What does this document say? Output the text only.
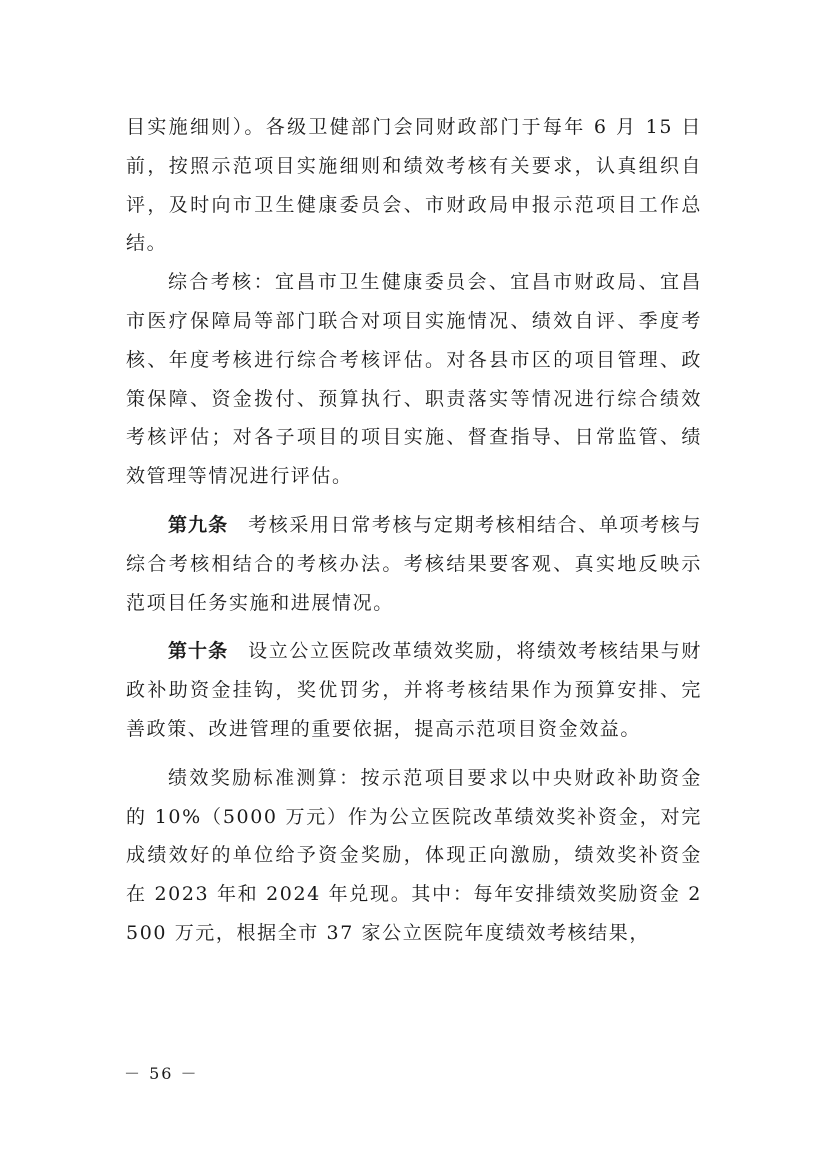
目实施细则）。各级卫健部门会同财政部门于每年 6 月 15 日前，按照示范项目实施细则和绩效考核有关要求，认真组织自评，及时向市卫生健康委员会、市财政局申报示范项目工作总结。

综合考核：宜昌市卫生健康委员会、宜昌市财政局、宜昌市医疗保障局等部门联合对项目实施情况、绩效自评、季度考核、年度考核进行综合考核评估。对各县市区的项目管理、政策保障、资金拨付、预算执行、职责落实等情况进行综合绩效考核评估；对各子项目的项目实施、督查指导、日常监管、绩效管理等情况进行评估。

第九条 考核采用日常考核与定期考核相结合、单项考核与综合考核相结合的考核办法。考核结果要客观、真实地反映示范项目任务实施和进展情况。

第十条 设立公立医院改革绩效奖励，将绩效考核结果与财政补助资金挂钩，奖优罚劣，并将考核结果作为预算安排、完善政策、改进管理的重要依据，提高示范项目资金效益。

绩效奖励标准测算：按示范项目要求以中央财政补助资金的 10%（5000 万元）作为公立医院改革绩效奖补资金，对完成绩效好的单位给予资金奖励，体现正向激励，绩效奖补资金在 2023 年和 2024 年兑现。其中：每年安排绩效奖励资金 2500 万元，根据全市 37 家公立医院年度绩效考核结果，

－ 56 －
